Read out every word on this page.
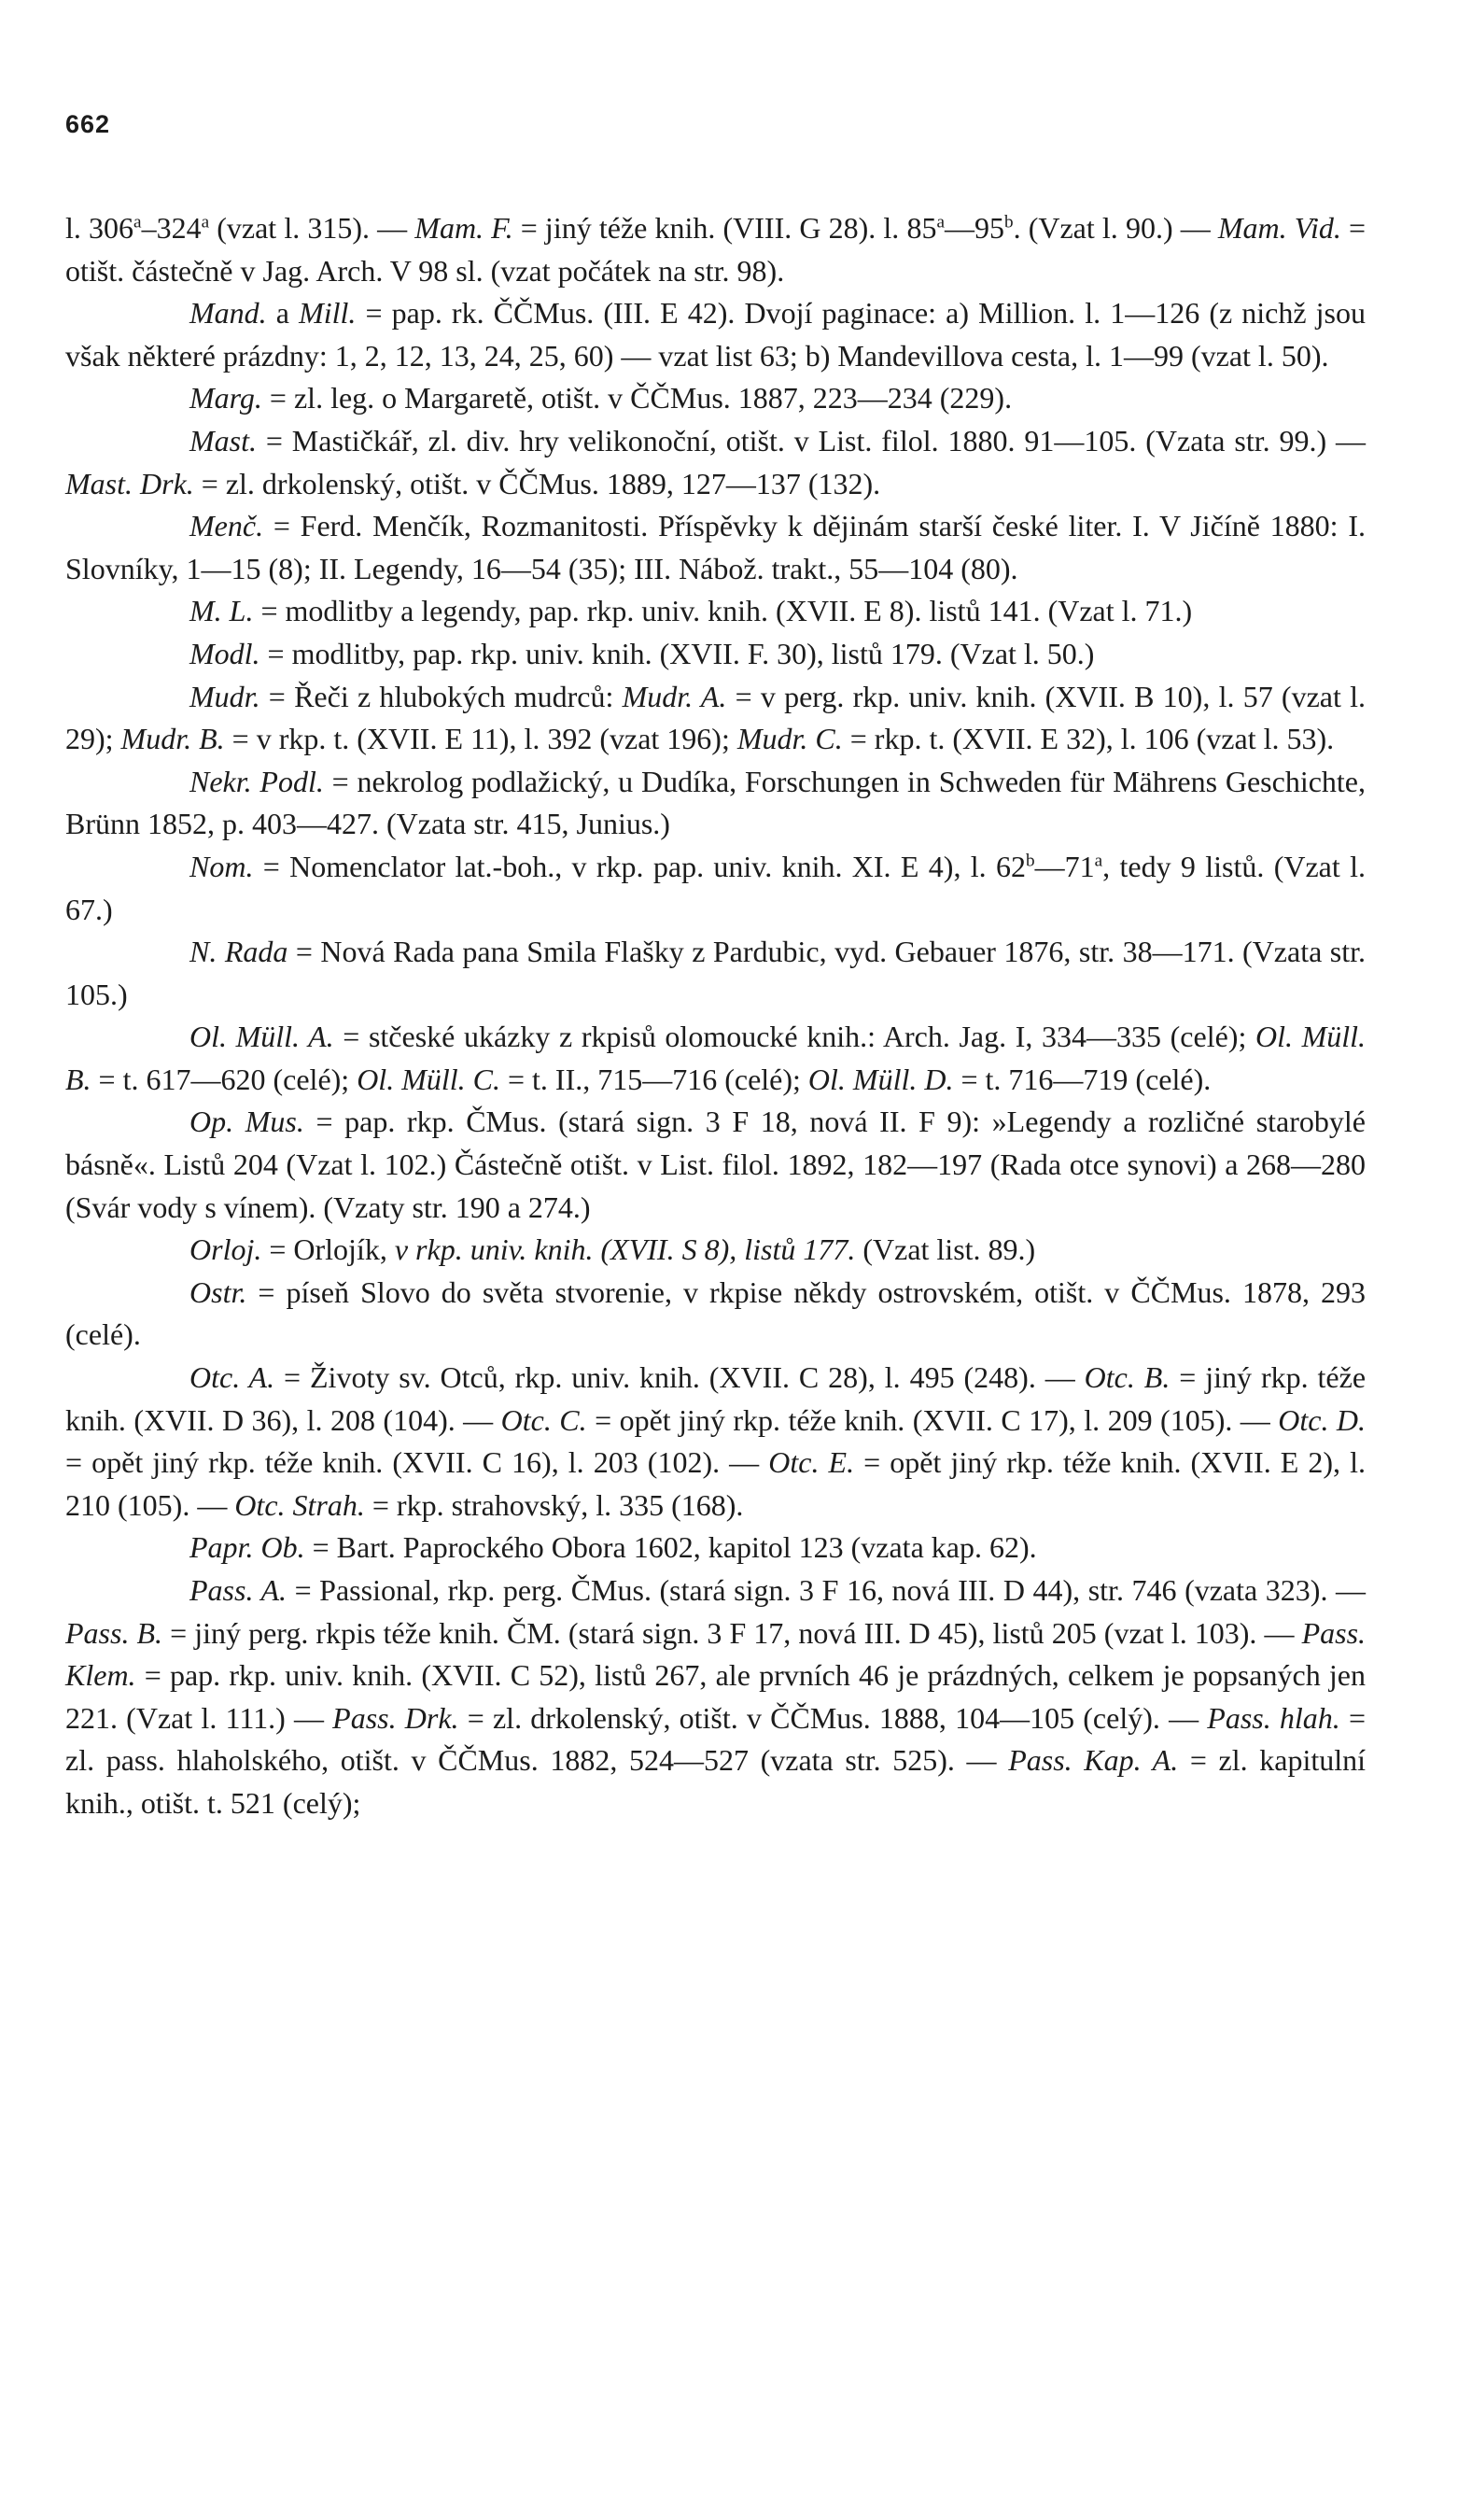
662

l. 306$^a$–324$^a$ (vzat l. 315). — Mam. F. = jiný téže knih. (VIII. G 28). l. 85$^a$—95$^b$. (Vzat l. 90.) — Mam. Vid. = otišt. částečně v Jag. Arch. V 98 sl. (vzat počátek na str. 98).

Mand. a Mill. = pap. rk. ČČMus. (III. E 42). Dvojí paginace: a) Million. l. 1—126 (z nichž jsou však některé prázdny: 1, 2, 12, 13, 24, 25, 60) — vzat list 63; b) Mandevillova cesta, l. 1—99 (vzat l. 50).

Marg. = zl. leg. o Margaretě, otišt. v ČČMus. 1887, 223—234 (229).

Mast. = Mastičkář, zl. div. hry velikonoční, otišt. v List. filol. 1880. 91—105. (Vzata str. 99.) — Mast. Drk. = zl. drkolenský, otišt. v ČČMus. 1889, 127—137 (132).

Menč. = Ferd. Menčík, Rozmanitosti. Příspěvky k dějinám starší české liter. I. V Jičíně 1880: I. Slovníky, 1—15 (8); II. Legendy, 16—54 (35); III. Nábož. trakt., 55—104 (80).

M. L. = modlitby a legendy, pap. rkp. univ. knih. (XVII. E 8). listů 141. (Vzat l. 71.)

Modl. = modlitby, pap. rkp. univ. knih. (XVII. F. 30), listů 179. (Vzat l. 50.)

Mudr. = Řeči z hlubokých mudrců: Mudr. A. = v perg. rkp. univ. knih. (XVII. B 10), l. 57 (vzat l. 29); Mudr. B. = v rkp. t. (XVII. E 11), l. 392 (vzat 196); Mudr. C. = rkp. t. (XVII. E 32), l. 106 (vzat l. 53).

Nekr. Podl. = nekrolog podlažický, u Dudíka, Forschungen in Schweden für Mährens Geschichte, Brünn 1852, p. 403—427. (Vzata str. 415, Junius.)

Nom. = Nomenclator lat.-boh., v rkp. pap. univ. knih. XI. E 4), l. 62$^b$—71$^a$, tedy 9 listů. (Vzat l. 67.)

N. Rada = Nová Rada pana Smila Flašky z Pardubic, vyd. Gebauer 1876, str. 38—171. (Vzata str. 105.)

Ol. Müll. A. = stčeské ukázky z rkpisů olomoucké knih.: Arch. Jag. I, 334—335 (celé); Ol. Müll. B. = t. 617—620 (celé); Ol. Müll. C. = t. II., 715—716 (celé); Ol. Müll. D. = t. 716—719 (celé).

Op. Mus. = pap. rkp. ČMus. (stará sign. 3 F 18, nová II. F 9): »Legendy a rozličné starobylé básně«. Listů 204 (Vzat l. 102.) Částečně otišt. v List. filol. 1892, 182—197 (Rada otce synovi) a 268—280 (Svár vody s vínem). (Vzaty str. 190 a 274.)

Orloj. = Orlojík, v rkp. univ. knih. (XVII. S 8), listů 177. (Vzat list. 89.)

Ostr. = píseň Slovo do světa stvorenie, v rkpise někdy ostrovském, otišt. v ČČMus. 1878, 293 (celé).

Otc. A. = Životy sv. Otců, rkp. univ. knih. (XVII. C 28), l. 495 (248). — Otc. B. = jiný rkp. téže knih. (XVII. D 36), l. 208 (104). — Otc. C. = opět jiný rkp. téže knih. (XVII. C 17), l. 209 (105). — Otc. D. = opět jiný rkp. téže knih. (XVII. C 16), l. 203 (102). — Otc. E. = opět jiný rkp. téže knih. (XVII. E 2), l. 210 (105). — Otc. Strah. = rkp. strahovský, l. 335 (168).

Papr. Ob. = Bart. Paprockého Obora 1602, kapitol 123 (vzata kap. 62).

Pass. A. = Passional, rkp. perg. ČMus. (stará sign. 3 F 16, nová III. D 44), str. 746 (vzata 323). — Pass. B. = jiný perg. rkpis téže knih. ČM. (stará sign. 3 F 17, nová III. D 45), listů 205 (vzat l. 103). — Pass. Klem. = pap. rkp. univ. knih. (XVII. C 52), listů 267, ale prvních 46 je prázdných, celkem je popsaných jen 221. (Vzat l. 111.) — Pass. Drk. = zl. drkolenský, otišt. v ČČMus. 1888, 104—105 (celý). — Pass. hlah. = zl. pass. hlaholského, otišt. v ČČMus. 1882, 524—527 (vzata str. 525). — Pass. Kap. A. = zl. kapitulní knih., otišt. t. 521 (celý);
